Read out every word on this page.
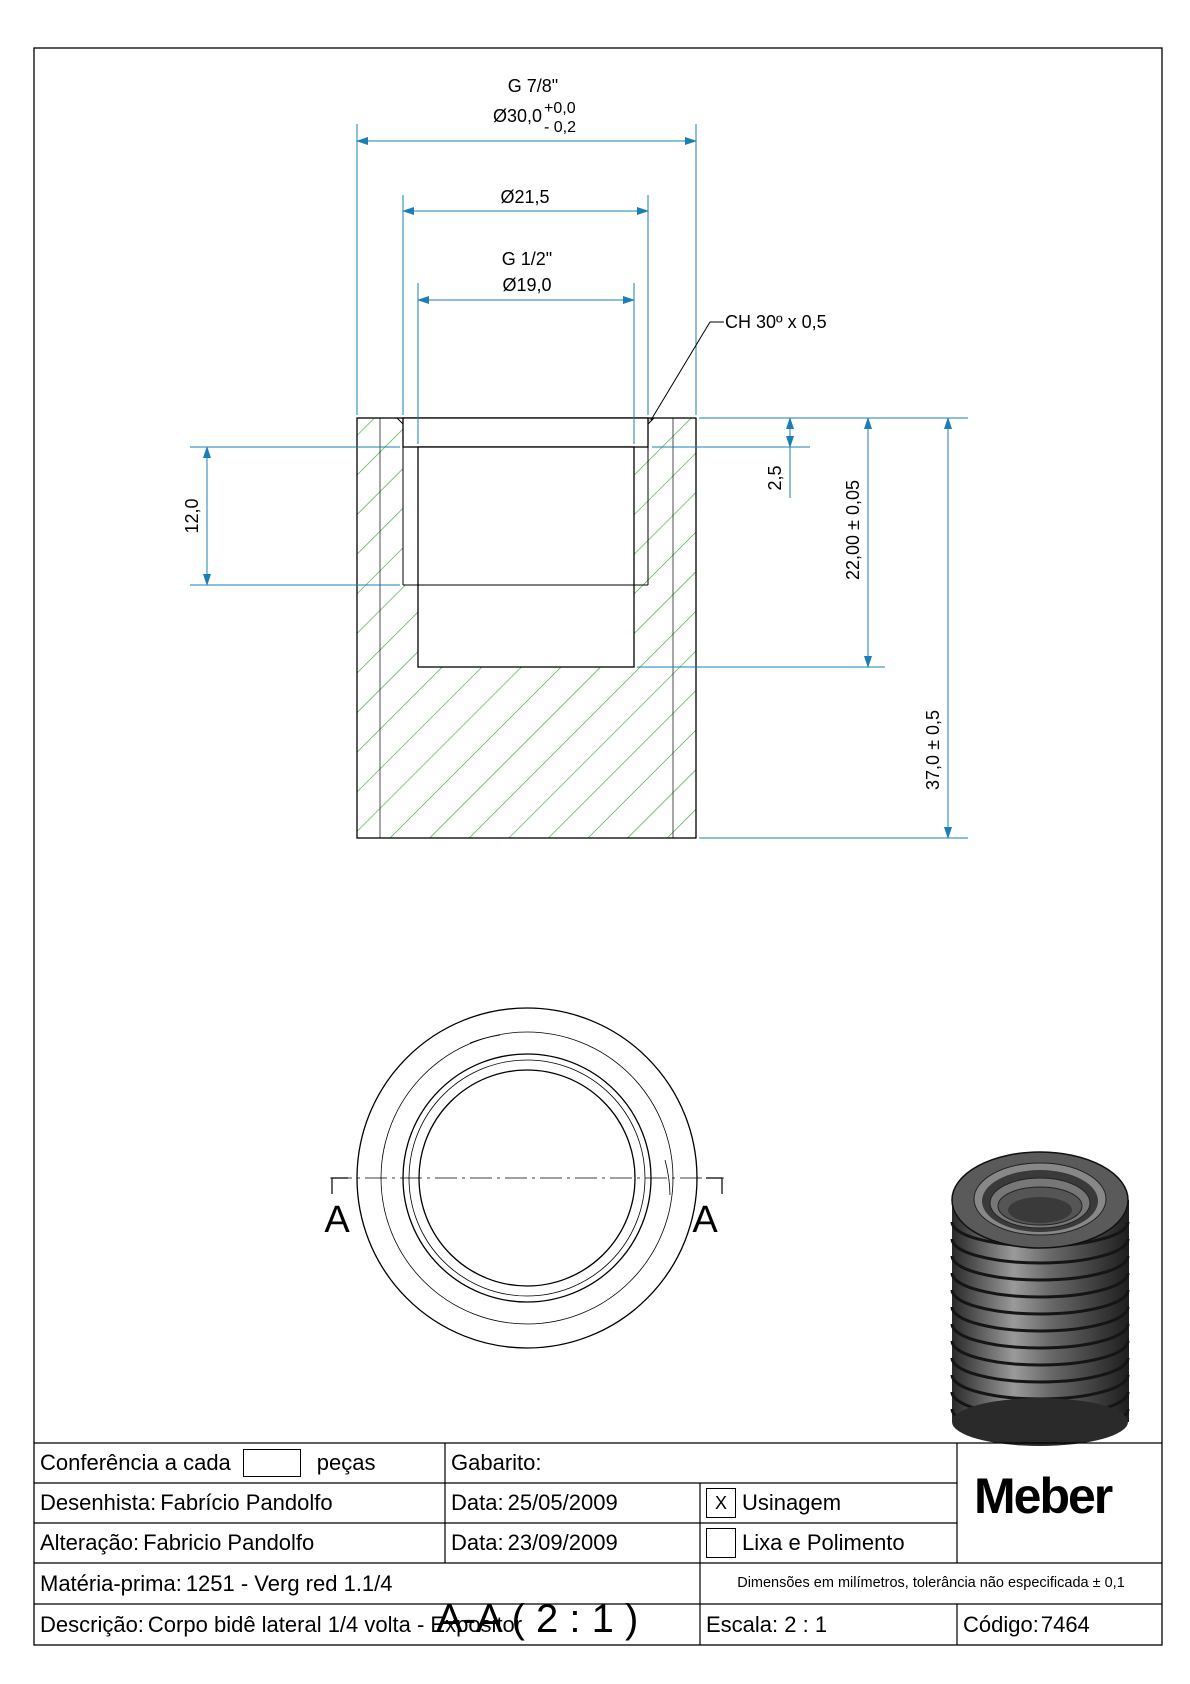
G 7/8"
Ø30,0 +0,0
- 0,2
Ø21,5
G 1/2"
Ø19,0
CH 30º x 0,5
2,5
22,00 ± 0,05
37,0 ± 0,5
12,0
A	A
Conferência a cada	peças	Gabarito:
Desenhista: Fabrício Pandolfo	Data: 25/05/2009	X Usinagem
Alteração: Fabricio Pandolfo	Data: 23/09/2009	Lixa e Polimento
Matéria-prima: 1251 - Verg red 1.1/4	Dimensões em milímetros, tolerância não especificada ± 0,1
Descrição: Corpo bidê lateral 1/4 volta - Expositor	Escala: 2 : 1	Código: 7464
Meber
A-A ( 2 : 1 )
